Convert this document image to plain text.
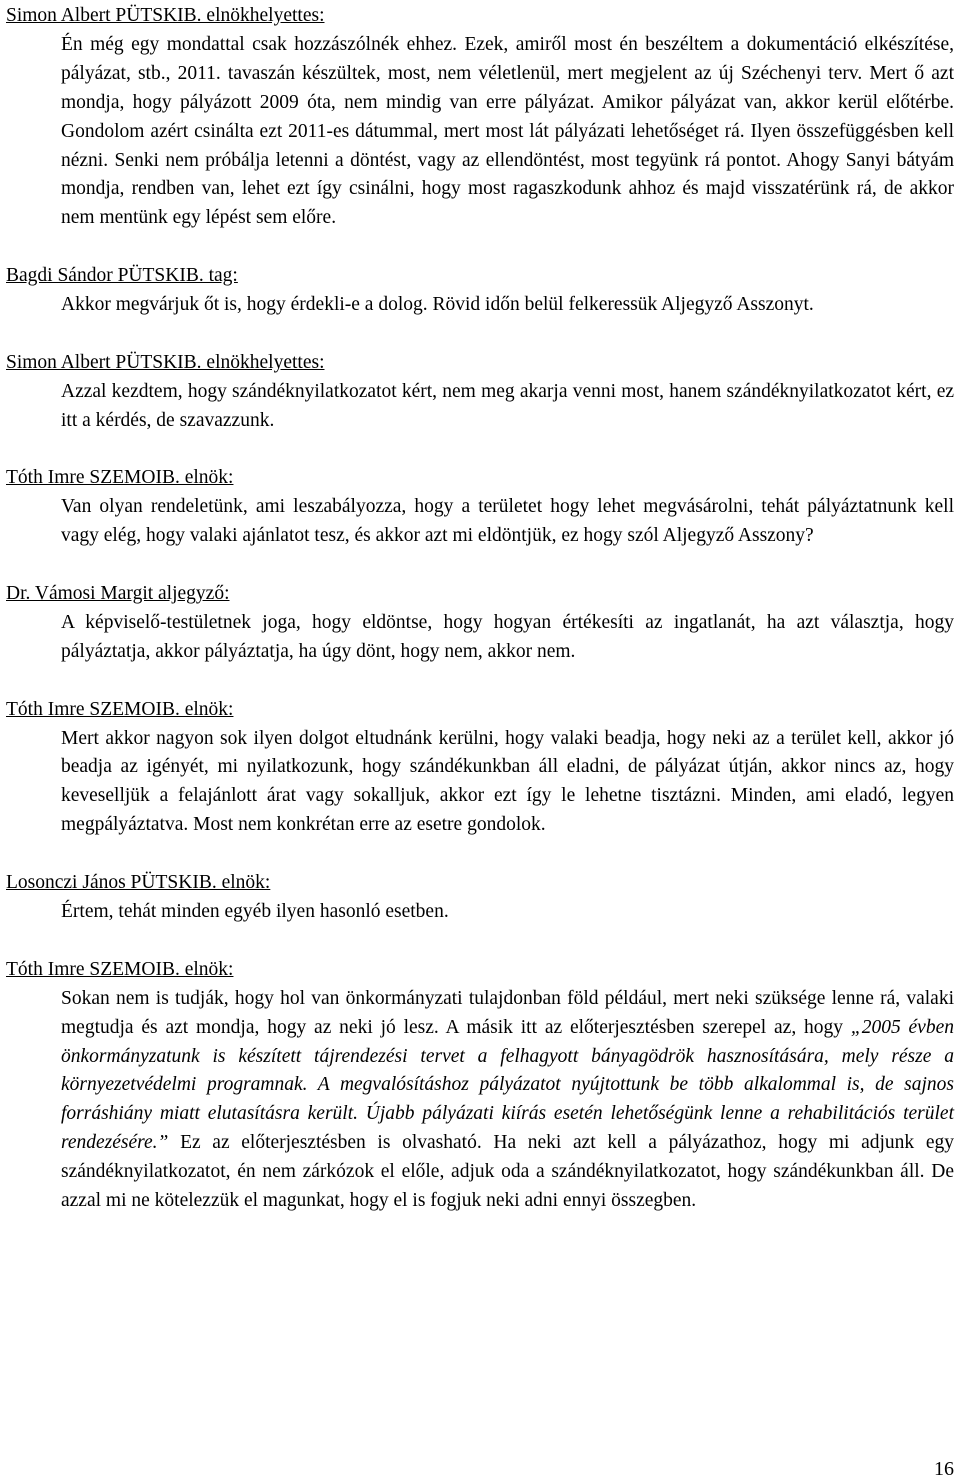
Simon Albert PÜTSKIB. elnökhelyettes:
Én még egy mondattal csak hozzászólnék ehhez. Ezek, amiről most én beszéltem a dokumentáció elkészítése, pályázat, stb., 2011. tavaszán készültek, most, nem véletlenül, mert megjelent az új Széchenyi terv. Mert ő azt mondja, hogy pályázott 2009 óta, nem mindig van erre pályázat. Amikor pályázat van, akkor kerül előtérbe. Gondolom azért csinálta ezt 2011-es dátummal, mert most lát pályázati lehetőséget rá. Ilyen összefüggésben kell nézni. Senki nem próbálja letenni a döntést, vagy az ellendöntést, most tegyünk rá pontot. Ahogy Sanyi bátyám mondja, rendben van, lehet ezt így csinálni, hogy most ragaszkodunk ahhoz és majd visszatérünk rá, de akkor nem mentünk egy lépést sem előre.
Bagdi Sándor PÜTSKIB. tag:
Akkor megvárjuk őt is, hogy érdekli-e a dolog. Rövid időn belül felkeressük Aljegyző Asszonyt.
Simon Albert PÜTSKIB. elnökhelyettes:
Azzal kezdtem, hogy szándéknyilatkozatot kért, nem meg akarja venni most, hanem szándéknyilatkozatot kért, ez itt a kérdés, de szavazzunk.
Tóth Imre SZEMOIB. elnök:
Van olyan rendeletünk, ami leszabályozza, hogy a területet hogy lehet megvásárolni, tehát pályáztatnunk kell vagy elég, hogy valaki ajánlatot tesz, és akkor azt mi eldöntjük, ez hogy szól Aljegyző Asszony?
Dr. Vámosi Margit aljegyző:
A képviselő-testületnek joga, hogy eldöntse, hogy hogyan értékesíti az ingatlanát, ha azt választja, hogy pályáztatja, akkor pályáztatja, ha úgy dönt, hogy nem, akkor nem.
Tóth Imre SZEMOIB. elnök:
Mert akkor nagyon sok ilyen dolgot eltudnánk kerülni, hogy valaki beadja, hogy neki az a terület kell, akkor jó beadja az igényét, mi nyilatkozunk, hogy szándékunkban áll eladni, de pályázat útján, akkor nincs az, hogy keveselljük a felajánlott árat vagy sokalljuk, akkor ezt így le lehetne tisztázni. Minden, ami eladó, legyen megpályáztatva. Most nem konkrétan erre az esetre gondolok.
Losonczi János PÜTSKIB. elnök:
Értem, tehát minden egyéb ilyen hasonló esetben.
Tóth Imre SZEMOIB. elnök:
Sokan nem is tudják, hogy hol van önkormányzati tulajdonban föld például, mert neki szüksége lenne rá, valaki megtudja és azt mondja, hogy az neki jó lesz. A másik itt az előterjesztésben szerepel az, hogy „2005 évben önkormányzatunk is készített tájrendezési tervet a felhagyott bányagödrök hasznosítására, mely része a környezetvédelmi programnak. A megvalósításhoz pályázatot nyújtottunk be több alkalommal is, de sajnos forráshiány miatt elutasításra került. Újabb pályázati kiírás esetén lehetőségünk lenne a rehabilitációs terület rendezésére.” Ez az előterjesztésben is olvasható. Ha neki azt kell a pályázathoz, hogy mi adjunk egy szándéknyilatkozatot, én nem zárkózok el előle, adjuk oda a szándéknyilatkozatot, hogy szándékunkban áll. De azzal mi ne kötelezzük el magunkat, hogy el is fogjuk neki adni ennyi összegben.
16
